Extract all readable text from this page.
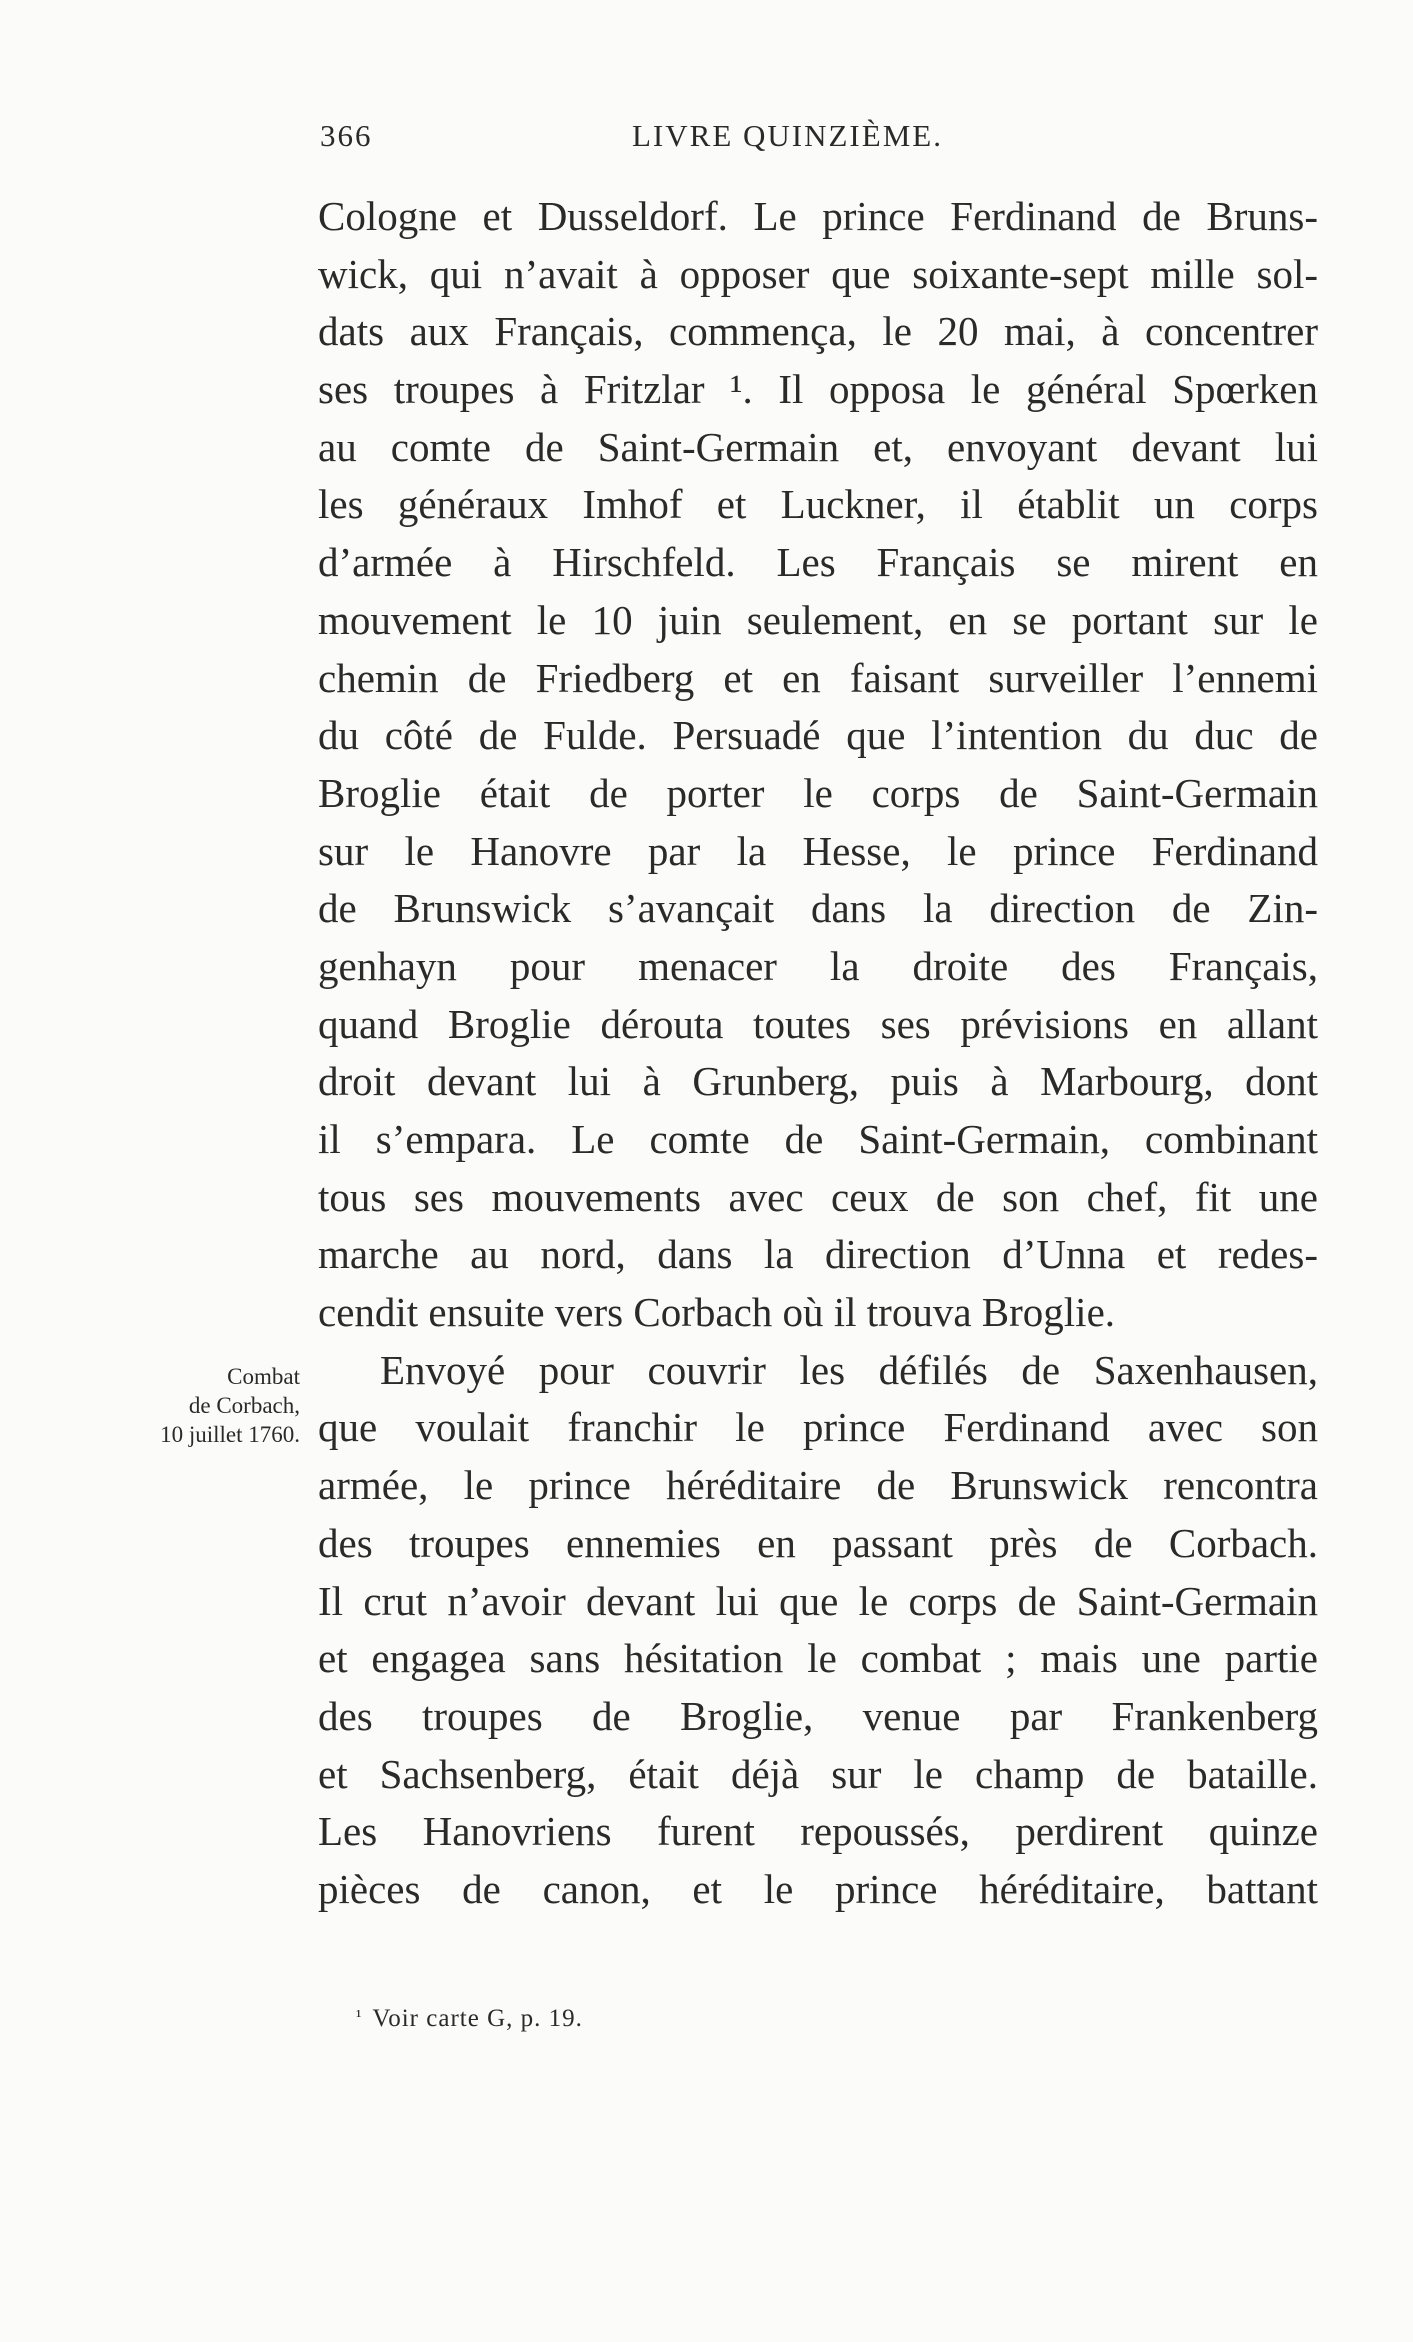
366	LIVRE QUINZIÈME.
Cologne et Dusseldorf. Le prince Ferdinand de Bruns-
wick, qui n’avait à opposer que soixante-sept mille sol-
dats aux Français, commença, le 20 mai, à concentrer
ses troupes à Fritzlar ¹. Il opposa le général Spœrken
au comte de Saint-Germain et, envoyant devant lui
les généraux Imhof et Luckner, il établit un corps
d’armée à Hirschfeld. Les Français se mirent en
mouvement le 10 juin seulement, en se portant sur le
chemin de Friedberg et en faisant surveiller l’ennemi
du côté de Fulde. Persuadé que l’intention du duc de
Broglie était de porter le corps de Saint-Germain
sur le Hanovre par la Hesse, le prince Ferdinand
de Brunswick s’avançait dans la direction de Zin-
genhayn pour menacer la droite des Français,
quand Broglie dérouta toutes ses prévisions en allant
droit devant lui à Grunberg, puis à Marbourg, dont
il s’empara. Le comte de Saint-Germain, combinant
tous ses mouvements avec ceux de son chef, fit une
marche au nord, dans la direction d’Unna et redes-
cendit ensuite vers Corbach où il trouva Broglie.
Envoyé pour couvrir les défilés de Saxenhausen,
que voulait franchir le prince Ferdinand avec son
armée, le prince héréditaire de Brunswick rencontra
des troupes ennemies en passant près de Corbach.
Il crut n’avoir devant lui que le corps de Saint-Germain
et engagea sans hésitation le combat ; mais une partie
des troupes de Broglie, venue par Frankenberg
et Sachsenberg, était déjà sur le champ de bataille.
Les Hanovriens furent repoussés, perdirent quinze
pièces de canon, et le prince héréditaire, battant
Combat
de Corbach,
10 juillet 1760.
¹ Voir carte G, p. 19.
